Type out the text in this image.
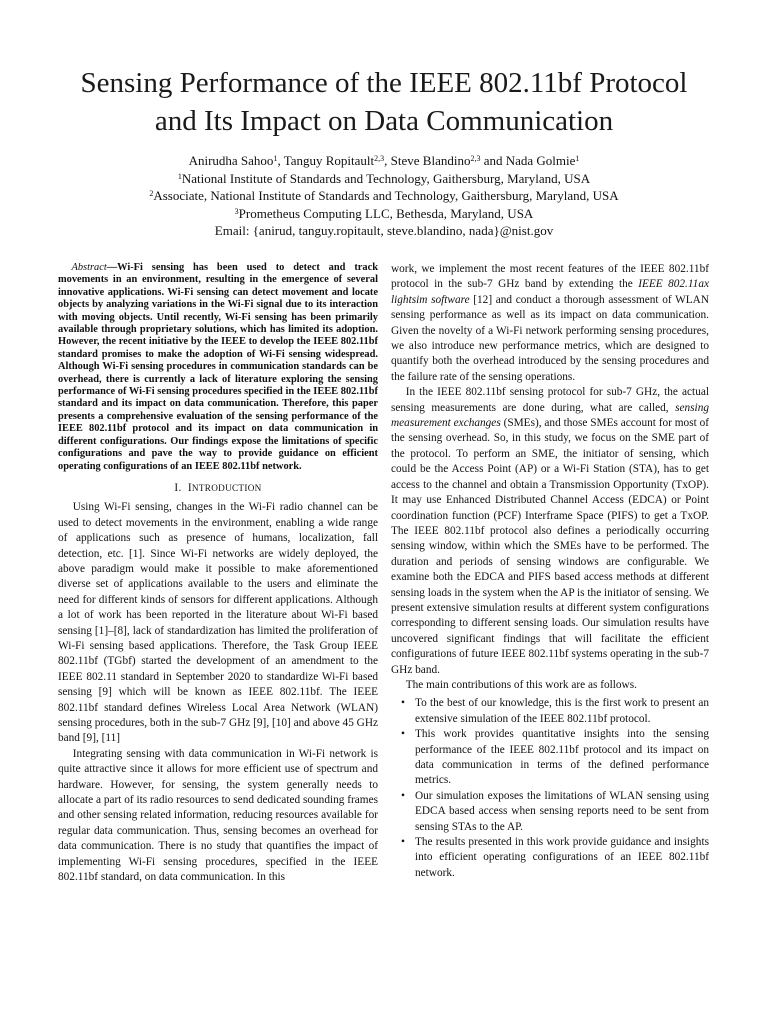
Sensing Performance of the IEEE 802.11bf Protocol
and Its Impact on Data Communication
Anirudha Sahoo$^1$, Tanguy Ropitault$^{2,3}$, Steve Blandino$^{2,3}$ and Nada Golmie$^1$
$^1$National Institute of Standards and Technology, Gaithersburg, Maryland, USA
$^2$Associate, National Institute of Standards and Technology, Gaithersburg, Maryland, USA
$^3$Prometheus Computing LLC, Bethesda, Maryland, USA
Email: {anirud, tanguy.ropitault, steve.blandino, nada}@nist.gov

Abstract—Wi-Fi sensing has been used to detect and track movements in an environment, resulting in the emergence of several innovative applications. Wi-Fi sensing can detect movement and locate objects by analyzing variations in the Wi-Fi signal due to its interaction with moving objects. Until recently, Wi-Fi sensing has been primarily available through proprietary solutions, which has limited its adoption. However, the recent initiative by the IEEE to develop the IEEE 802.11bf standard promises to make the adoption of Wi-Fi sensing widespread. Although Wi-Fi sensing procedures in communication standards can be overhead, there is currently a lack of literature exploring the sensing performance of Wi-Fi sensing procedures specified in the IEEE 802.11bf standard and its impact on data communication. Therefore, this paper presents a comprehensive evaluation of the sensing performance of the IEEE 802.11bf protocol and its impact on data communication in different configurations. Our findings expose the limitations of specific configurations and pave the way to provide guidance on efficient operating configurations of an IEEE 802.11bf network.

I. INTRODUCTION

Using Wi-Fi sensing, changes in the Wi-Fi radio channel can be used to detect movements in the environment, enabling a wide range of applications such as presence of humans, localization, fall detection, etc. [1]. Since Wi-Fi networks are widely deployed, the above paradigm would make it possible to make aforementioned diverse set of applications available to the users and eliminate the need for different kinds of sensors for different applications. Although a lot of work has been reported in the literature about Wi-Fi based sensing [1]–[8], lack of standardization has limited the proliferation of Wi-Fi sensing based applications. Therefore, the Task Group IEEE 802.11bf (TGbf) started the development of an amendment to the IEEE 802.11 standard in September 2020 to standardize Wi-Fi based sensing [9] which will be known as IEEE 802.11bf. The IEEE 802.11bf standard defines Wireless Local Area Network (WLAN) sensing procedures, both in the sub-7 GHz [9], [10] and above 45 GHz band [9], [11]

Integrating sensing with data communication in Wi-Fi network is quite attractive since it allows for more efficient use of spectrum and hardware. However, for sensing, the system generally needs to allocate a part of its radio resources to send dedicated sounding frames and other sensing related information, reducing resources available for regular data communication. Thus, sensing becomes an overhead for data communication. There is no study that quantifies the impact of implementing Wi-Fi sensing procedures, specified in the IEEE 802.11bf standard, on data communication. In this

work, we implement the most recent features of the IEEE 802.11bf protocol in the sub-7 GHz band by extending the IEEE 802.11ax lightsim software [12] and conduct a thorough assessment of WLAN sensing performance as well as its impact on data communication. Given the novelty of a Wi-Fi network performing sensing procedures, we also introduce new performance metrics, which are designed to quantify both the overhead introduced by the sensing procedures and the failure rate of the sensing operations.

In the IEEE 802.11bf sensing protocol for sub-7 GHz, the actual sensing measurements are done during, what are called, sensing measurement exchanges (SMEs), and those SMEs account for most of the sensing overhead. So, in this study, we focus on the SME part of the protocol. To perform an SME, the initiator of sensing, which could be the Access Point (AP) or a Wi-Fi Station (STA), has to get access to the channel and obtain a Transmission Opportunity (TxOP). It may use Enhanced Distributed Channel Access (EDCA) or Point coordination function (PCF) Interframe Space (PIFS) to get a TxOP. The IEEE 802.11bf protocol also defines a periodically occurring sensing window, within which the SMEs have to be performed. The duration and periods of sensing windows are configurable. We examine both the EDCA and PIFS based access methods at different sensing loads in the system when the AP is the initiator of sensing. We present extensive simulation results at different system configurations corresponding to different sensing loads. Our simulation results have uncovered significant findings that will facilitate the efficient configurations of future IEEE 802.11bf systems operating in the sub-7 GHz band.

The main contributions of this work are as follows.

• To the best of our knowledge, this is the first work to present an extensive simulation of the IEEE 802.11bf protocol.
• This work provides quantitative insights into the sensing performance of the IEEE 802.11bf protocol and its impact on data communication in terms of the defined performance metrics.
• Our simulation exposes the limitations of WLAN sensing using EDCA based access when sensing reports need to be sent from sensing STAs to the AP.
• The results presented in this work provide guidance and insights into efficient operating configurations of an IEEE 802.11bf network.
